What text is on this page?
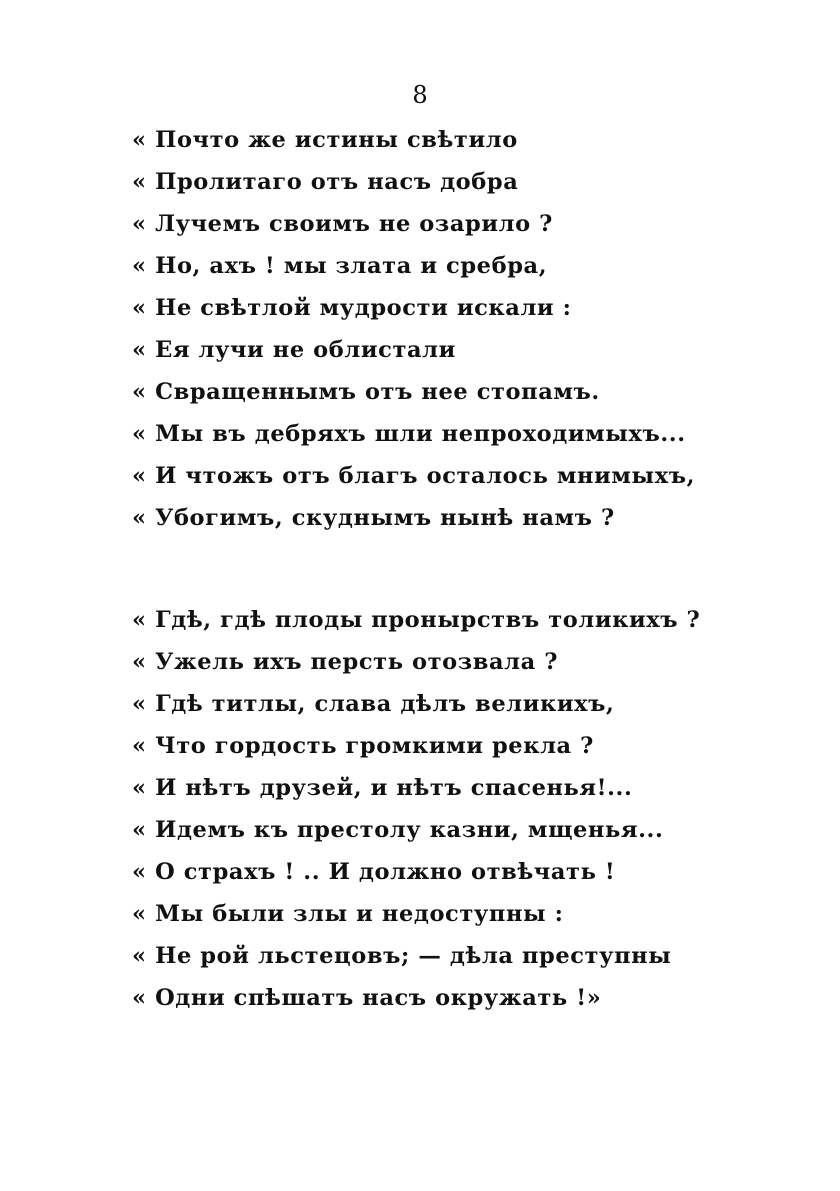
8
« Почто же истины свѣтило
« Пролитаго отъ насъ добра
« Лучемъ своимъ не озарило ?
« Но, ахъ ! мы злата и сребра,
« Не свѣтлой мудрости искали :
« Ея лучи не облистали
« Свращеннымъ отъ нее стопамъ.
« Мы въ дебряхъ шли непроходимыхъ...
« И чтожъ отъ благъ осталось мнимыхъ,
« Убогимъ, скуднымъ нынѣ намъ ?
« Гдѣ, гдѣ плоды пронырствъ толикихъ ?
« Ужель ихъ персть отозвала ?
« Гдѣ титлы, слава дѣлъ великихъ,
« Что гордость громкими рекла ?
« И нѣтъ друзей, и нѣтъ спасенья!...
« Идемъ къ престолу казни, мщенья...
« О страхъ ! .. И должно отвѣчать !
« Мы были злы и недоступны :
« Не рой льстецовъ; — дѣла преступны
« Одни спѣшатъ насъ окружать !»
